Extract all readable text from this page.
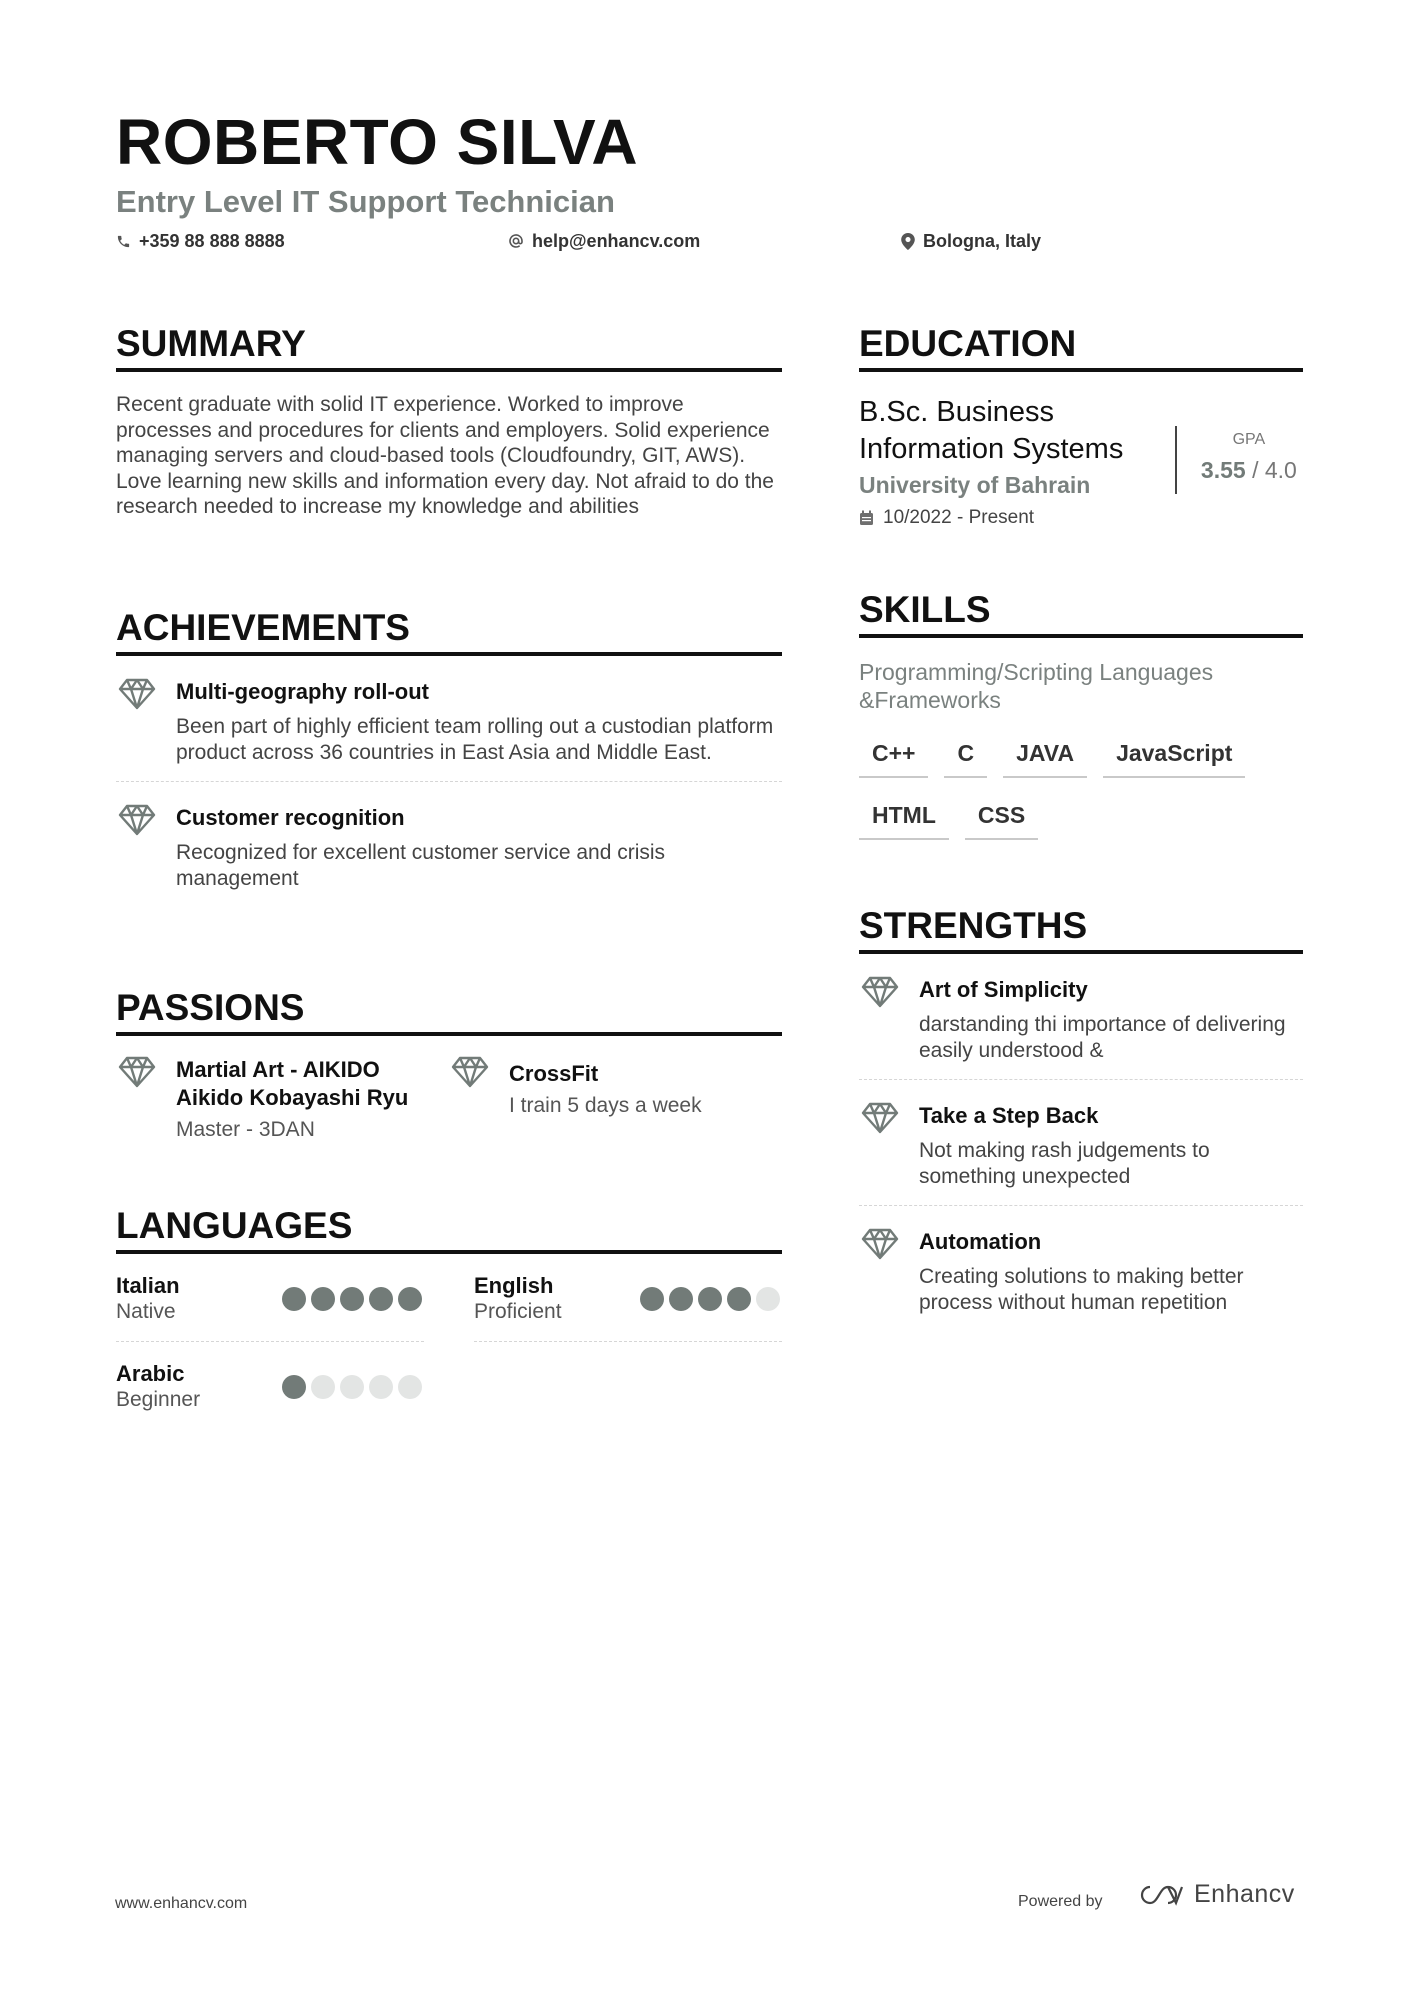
ROBERTO SILVA
Entry Level IT Support Technician
+359 88 888 8888	help@enhancv.com	Bologna, Italy
SUMMARY
Recent graduate with solid IT experience. Worked to improve processes and procedures for clients and employers. Solid experience managing servers and cloud-based tools (Cloudfoundry, GIT, AWS). Love learning new skills and information every day. Not afraid to do the research needed to increase my knowledge and abilities
ACHIEVEMENTS
Multi-geography roll-out
Been part of highly efficient team rolling out a custodian platform product across 36 countries in East Asia and Middle East.
Customer recognition
Recognized for excellent customer service and crisis management
PASSIONS
Martial Art - AIKIDO Aikido Kobayashi Ryu
Master - 3DAN
CrossFit
I train 5 days a week
LANGUAGES
Italian
Native
English
Proficient
Arabic
Beginner
EDUCATION
B.Sc. Business Information Systems
University of Bahrain
10/2022 - Present
GPA
3.55 / 4.0
SKILLS
Programming/Scripting Languages &Frameworks
C++	C	JAVA	JavaScript
HTML	CSS
STRENGTHS
Art of Simplicity
darstanding thi importance of delivering easily understood &
Take a Step Back
Not making rash judgements to something unexpected
Automation
Creating solutions to making better process without human repetition
www.enhancv.com	Powered by	Enhancv
